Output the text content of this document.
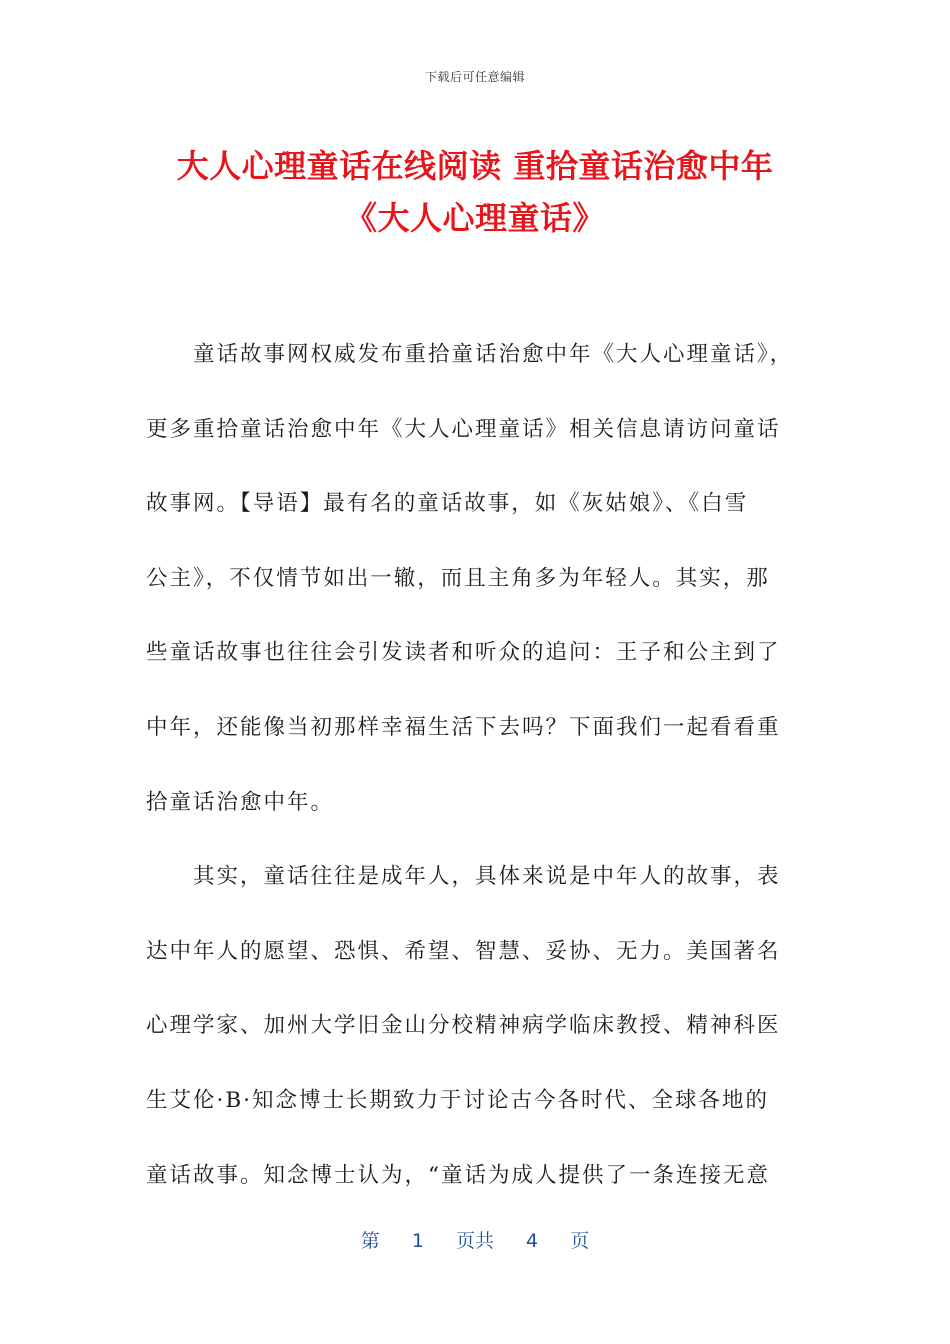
下载后可任意编辑
大人心理童话在线阅读 重拾童话治愈中年
《大人心理童话》
　　童话故事网权威发布重拾童话治愈中年《大人心理童话》，
更多重拾童话治愈中年《大人心理童话》相关信息请访问童话
故事网。【导语】最有名的童话故事，如《灰姑娘》、《白雪
公主》，不仅情节如出一辙，而且主角多为年轻人。其实，那
些童话故事也往往会引发读者和听众的追问：王子和公主到了
中年，还能像当初那样幸福生活下去吗？下面我们一起看看重
拾童话治愈中年。
　　其实，童话往往是成年人，具体来说是中年人的故事，表
达中年人的愿望、恐惧、希望、智慧、妥协、无力。美国著名
心理学家、加州大学旧金山分校精神病学临床教授、精神科医
生艾伦·B·知念博士长期致力于讨论古今各时代、全球各地的
童话故事。知念博士认为，“童话为成人提供了一条连接无意
第 1 页共 4 页
